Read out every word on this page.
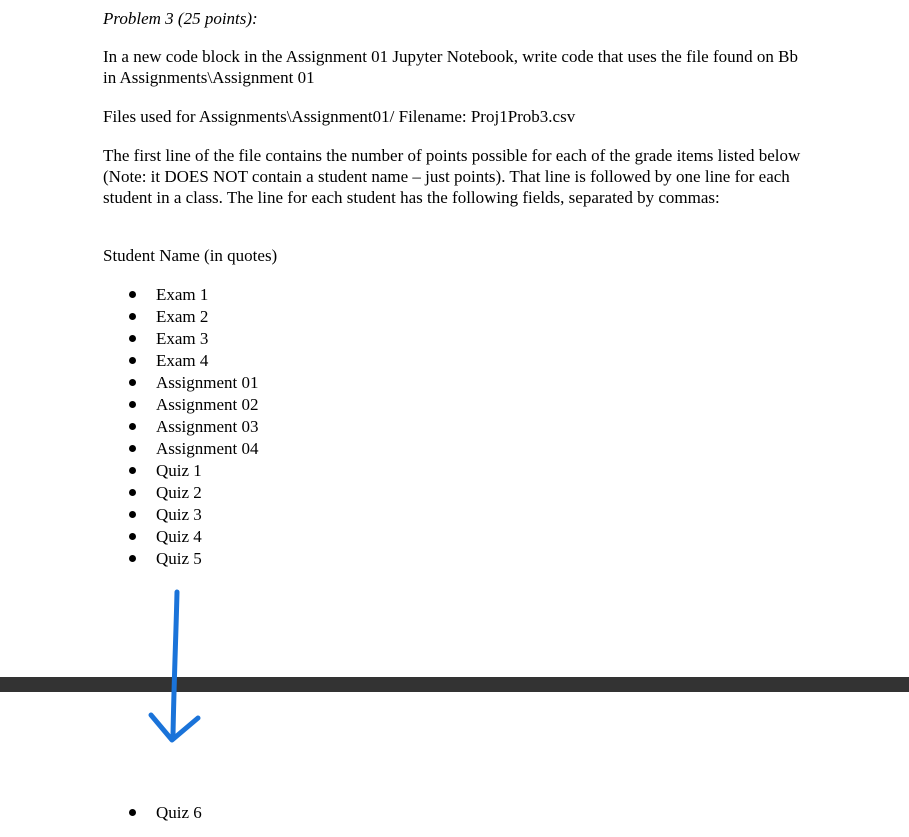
Problem 3 (25 points):

In a new code block in the Assignment 01 Jupyter Notebook, write code that uses the file found on Bb in Assignments\Assignment 01

Files used for Assignments\Assignment01/ Filename: Proj1Prob3.csv

The first line of the file contains the number of points possible for each of the grade items listed below (Note: it DOES NOT contain a student name – just points). That line is followed by one line for each student in a class. The line for each student has the following fields, separated by commas:

Student Name (in quotes)

Exam 1
Exam 2
Exam 3
Exam 4
Assignment 01
Assignment 02
Assignment 03
Assignment 04
Quiz 1
Quiz 2
Quiz 3
Quiz 4
Quiz 5
Quiz 6
